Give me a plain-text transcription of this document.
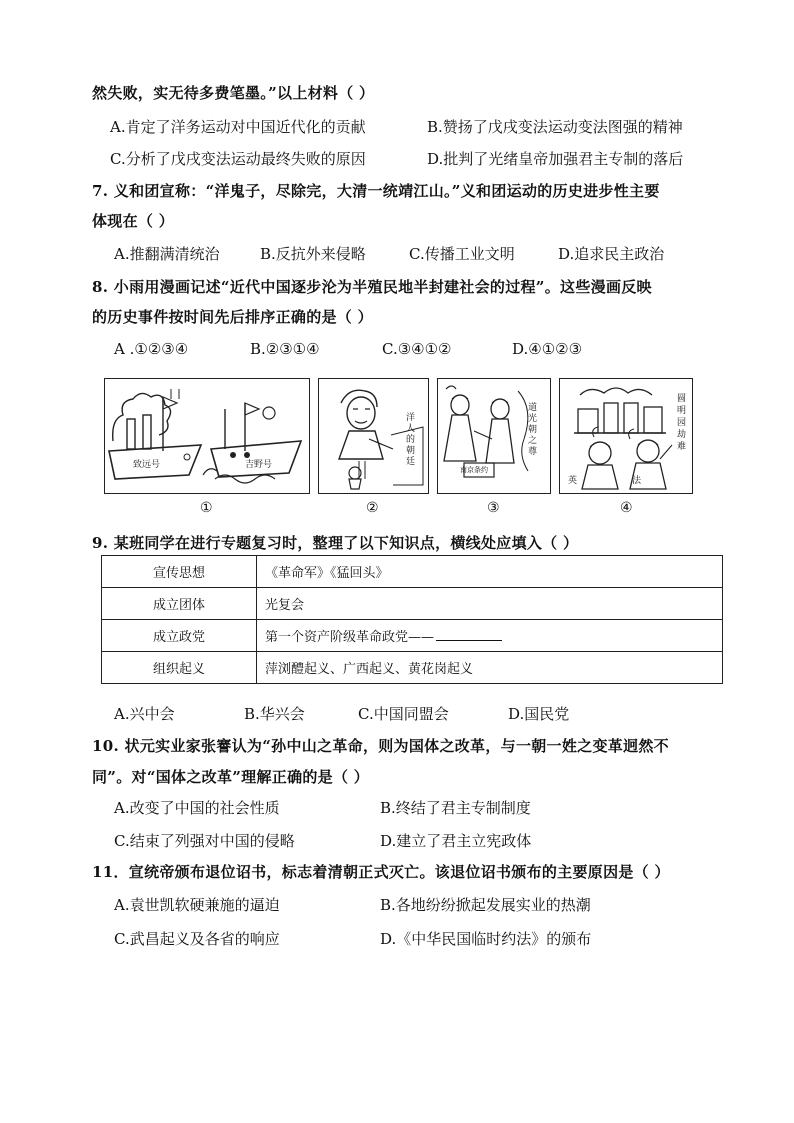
然失败，实无待多费笔墨。”以上材料（ ）
A.肯定了洋务运动对中国近代化的贡献	B.赞扬了戊戌变法运动变法图强的精神
C.分析了戊戌变法运动最终失败的原因	D.批判了光绪皇帝加强君主专制的落后
7. 义和团宣称：“洋鬼子，尽除完，大清一统靖江山。”义和团运动的历史进步性主要
体现在（ ）
A.推翻满清统治	B.反抗外来侵略	C.传播工业文明	D.追求民主政治
8. 小雨用漫画记述“近代中国逐步沦为半殖民地半封建社会的过程”。这些漫画反映
的历史事件按时间先后排序正确的是（ ）
A .①②③④	B.②③①④	C.③④①②	D.④①②③
致远号	吉野号
洋人的朝廷
道光朝之尊
南京条约
圆明园劫难
英	法
①	②	③	④
9. 某班同学在进行专题复习时，整理了以下知识点，横线处应填入（ ）
宣传思想	《革命军》《猛回头》
成立团体	光复会
成立政党	第一个资产阶级革命政党——
组织起义	萍浏醴起义、广西起义、黄花岗起义
A.兴中会	B.华兴会	C.中国同盟会	D.国民党
10. 状元实业家张謇认为“孙中山之革命，则为国体之改革，与一朝一姓之变革迥然不
同”。对“国体之改革”理解正确的是（ ）
A.改变了中国的社会性质	B.终结了君主专制制度
C.结束了列强对中国的侵略	D.建立了君主立宪政体
11．宣统帝颁布退位诏书，标志着清朝正式灭亡。该退位诏书颁布的主要原因是（ ）
A.袁世凯软硬兼施的逼迫	B.各地纷纷掀起发展实业的热潮
C.武昌起义及各省的响应	D.《中华民国临时约法》的颁布
